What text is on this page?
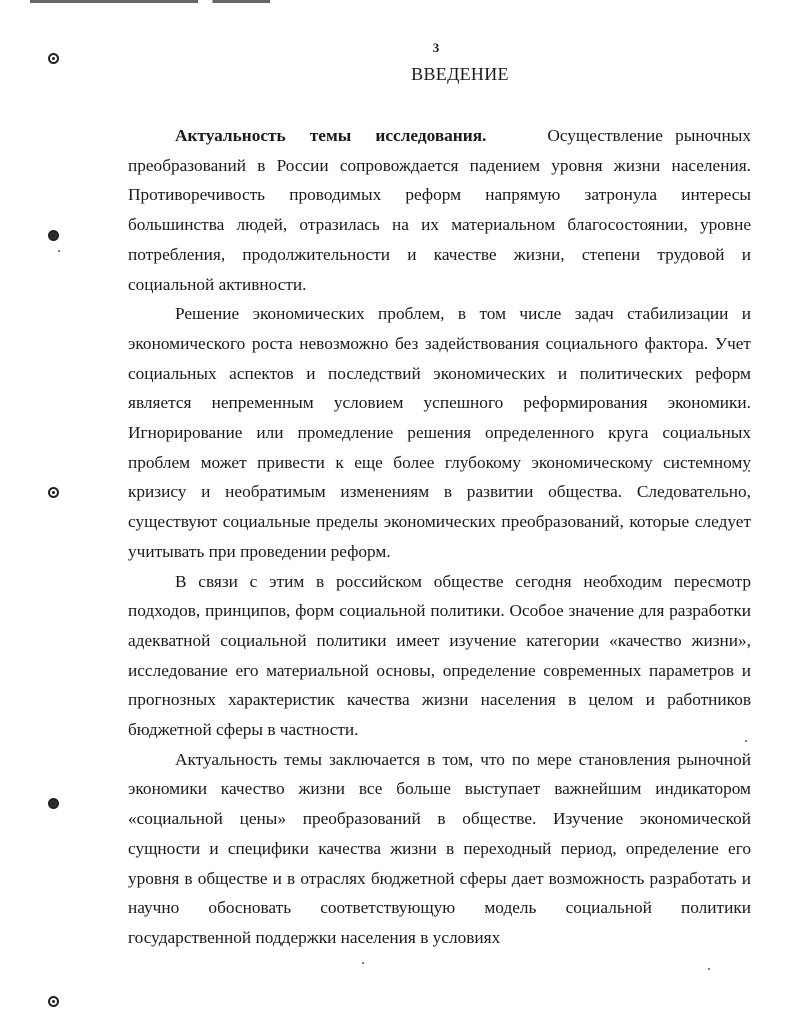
3
ВВЕДЕНИЕ

Актуальность темы исследования.	Осуществление рыночных преобразований в России сопровождается падением уровня жизни населения. Противоречивость проводимых реформ напрямую затронула интересы большинства людей, отразилась на их материальном благосостоянии, уровне потребления, продолжительности и качестве жизни, степени трудовой и социальной активности.

Решение экономических проблем, в том числе задач стабилизации и экономического роста невозможно без задействования социального фактора. Учет социальных аспектов и последствий экономических и политических реформ является непременным условием успешного реформирования экономики. Игнорирование или промедление решения определенного круга социальных проблем может привести к еще более глубокому экономическому системному кризису и необратимым изменениям в развитии общества. Следовательно, существуют социальные пределы экономических преобразований, которые следует учитывать при проведении реформ.

В связи с этим в российском обществе сегодня необходим пересмотр подходов, принципов, форм социальной политики. Особое значение для разработки адекватной социальной политики имеет изучение категории «качество жизни», исследование его материальной основы, определение современных параметров и прогнозных характеристик качества жизни населения в целом и работников бюджетной сферы в частности.

Актуальность темы заключается в том, что по мере становления рыночной экономики качество жизни все больше выступает важнейшим индикатором «социальной цены» преобразований в обществе. Изучение экономической сущности и специфики качества жизни в переходный период, определение его уровня в обществе и в отраслях бюджетной сферы дает возможность разработать и научно обосновать соответствующую модель социальной политики государственной поддержки населения в условиях
